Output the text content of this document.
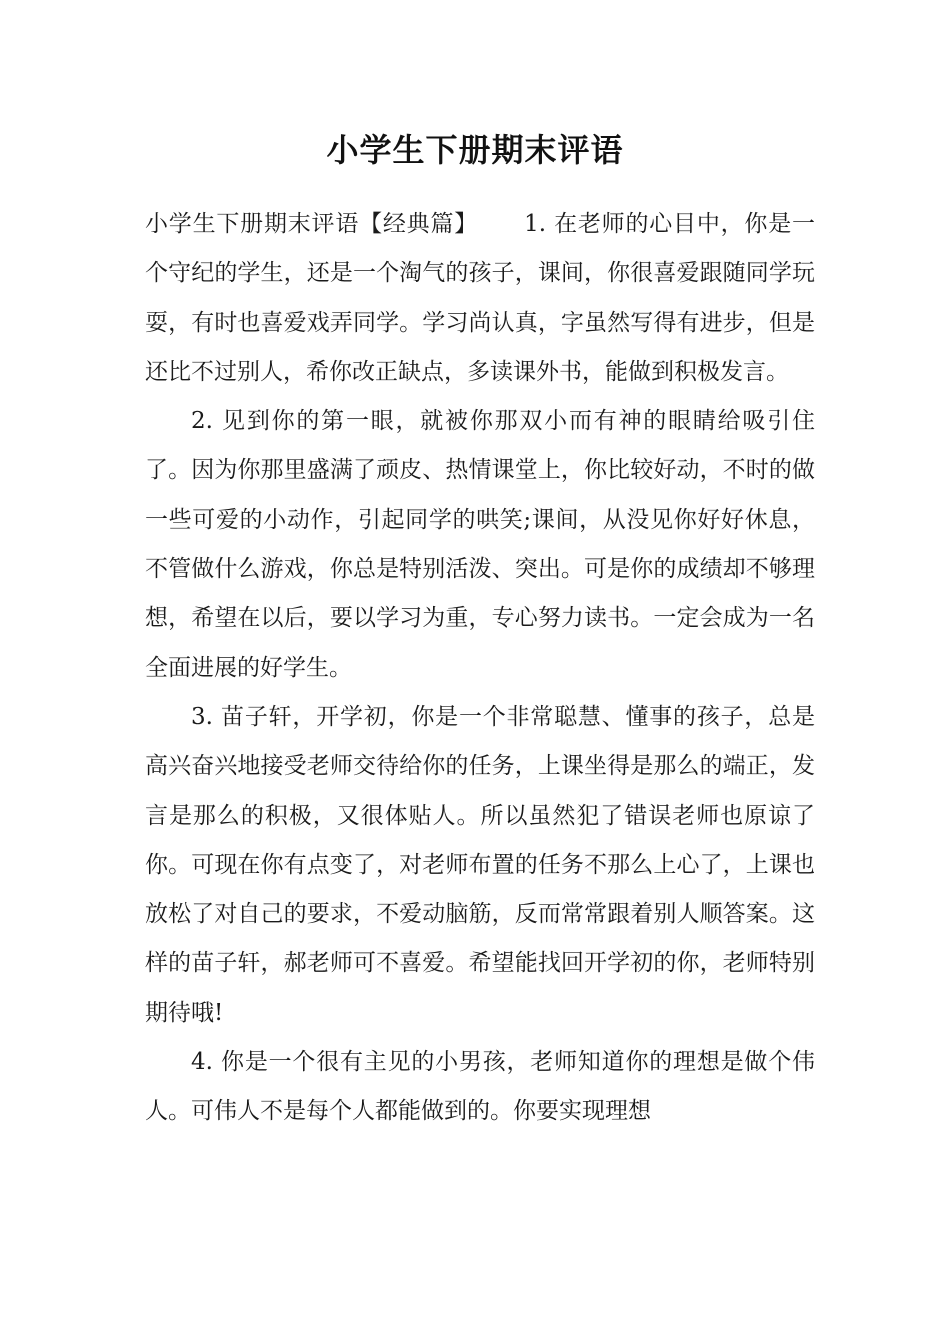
小学生下册期末评语

小学生下册期末评语【经典篇】 1. 在老师的心目中，你是一个守纪的学生，还是一个淘气的孩子，课间，你很喜爱跟随同学玩耍，有时也喜爱戏弄同学。学习尚认真，字虽然写得有进步，但是还比不过别人，希你改正缺点，多读课外书，能做到积极发言。

2. 见到你的第一眼，就被你那双小而有神的眼睛给吸引住了。因为你那里盛满了顽皮、热情课堂上，你比较好动，不时的做一些可爱的小动作，引起同学的哄笑;课间，从没见你好好休息，不管做什么游戏，你总是特别活泼、突出。可是你的成绩却不够理想，希望在以后，要以学习为重，专心努力读书。一定会成为一名全面进展的好学生。

3. 苗子轩，开学初，你是一个非常聪慧、懂事的孩子，总是高兴奋兴地接受老师交待给你的任务，上课坐得是那么的端正，发言是那么的积极，又很体贴人。所以虽然犯了错误老师也原谅了你。可现在你有点变了，对老师布置的任务不那么上心了，上课也放松了对自己的要求，不爱动脑筋，反而常常跟着别人顺答案。这样的苗子轩，郝老师可不喜爱。希望能找回开学初的你，老师特别期待哦!

4. 你是一个很有主见的小男孩，老师知道你的理想是做个伟人。可伟人不是每个人都能做到的。你要实现理想
